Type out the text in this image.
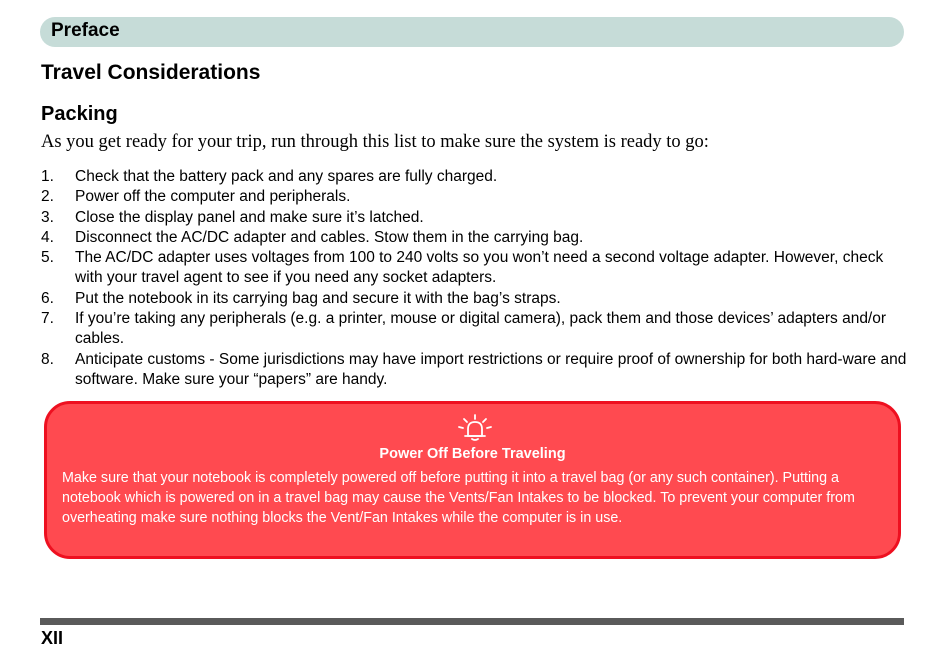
Preface
Travel Considerations
Packing
As you get ready for your trip, run through this list to make sure the system is ready to go:
1. Check that the battery pack and any spares are fully charged.
2. Power off the computer and peripherals.
3. Close the display panel and make sure it’s latched.
4. Disconnect the AC/DC adapter and cables. Stow them in the carrying bag.
5. The AC/DC adapter uses voltages from 100 to 240 volts so you won’t need a second voltage adapter. However, check with your travel agent to see if you need any socket adapters.
6. Put the notebook in its carrying bag and secure it with the bag’s straps.
7. If you’re taking any peripherals (e.g. a printer, mouse or digital camera), pack them and those devices’ adapters and/or cables.
8. Anticipate customs - Some jurisdictions may have import restrictions or require proof of ownership for both hard-ware and software. Make sure your “papers” are handy.
Power Off Before Traveling
Make sure that your notebook is completely powered off before putting it into a travel bag (or any such container). Putting a notebook which is powered on in a travel bag may cause the Vents/Fan Intakes to be blocked. To prevent your computer from overheating make sure nothing blocks the Vent/Fan Intakes while the computer is in use.
XII
